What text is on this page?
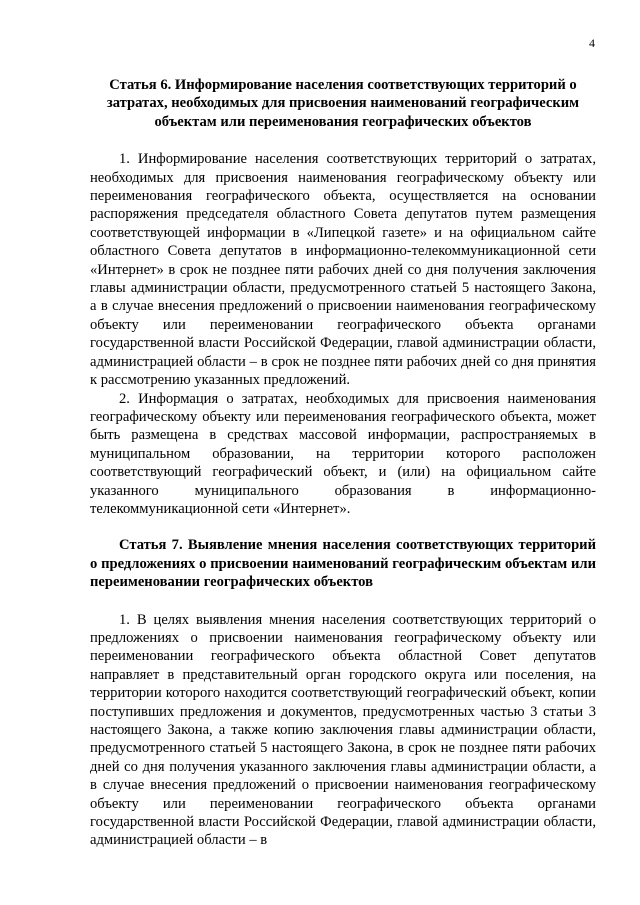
4

Статья 6. Информирование населения соответствующих территорий о затратах, необходимых для присвоения наименований географическим объектам или переименования географических объектов

1. Информирование населения соответствующих территорий о затратах, необходимых для присвоения наименования географическому объекту или переименования географического объекта, осуществляется на основании распоряжения председателя областного Совета депутатов путем размещения соответствующей информации в «Липецкой газете» и на официальном сайте областного Совета депутатов в информационно-телекоммуникационной сети «Интернет» в срок не позднее пяти рабочих дней со дня получения заключения главы администрации области, предусмотренного статьей 5 настоящего Закона, а в случае внесения предложений о присвоении наименования географическому объекту или переименовании географического объекта органами государственной власти Российской Федерации, главой администрации области, администрацией области – в срок не позднее пяти рабочих дней со дня принятия к рассмотрению указанных предложений.

2. Информация о затратах, необходимых для присвоения наименования географическому объекту или переименования географического объекта, может быть размещена в средствах массовой информации, распространяемых в муниципальном образовании, на территории которого расположен соответствующий географический объект, и (или) на официальном сайте указанного муниципального образования в информационно-телекоммуникационной сети «Интернет».

Статья 7. Выявление мнения населения соответствующих территорий о предложениях о присвоении наименований географическим объектам или переименовании географических объектов

1. В целях выявления мнения населения соответствующих территорий о предложениях о присвоении наименования географическому объекту или переименовании географического объекта областной Совет депутатов направляет в представительный орган городского округа или поселения, на территории которого находится соответствующий географический объект, копии поступивших предложения и документов, предусмотренных частью 3 статьи 3 настоящего Закона, а также копию заключения главы администрации области, предусмотренного статьей 5 настоящего Закона, в срок не позднее пяти рабочих дней со дня получения указанного заключения главы администрации области, а в случае внесения предложений о присвоении наименования географическому объекту или переименовании географического объекта органами государственной власти Российской Федерации, главой администрации области, администрацией области – в
